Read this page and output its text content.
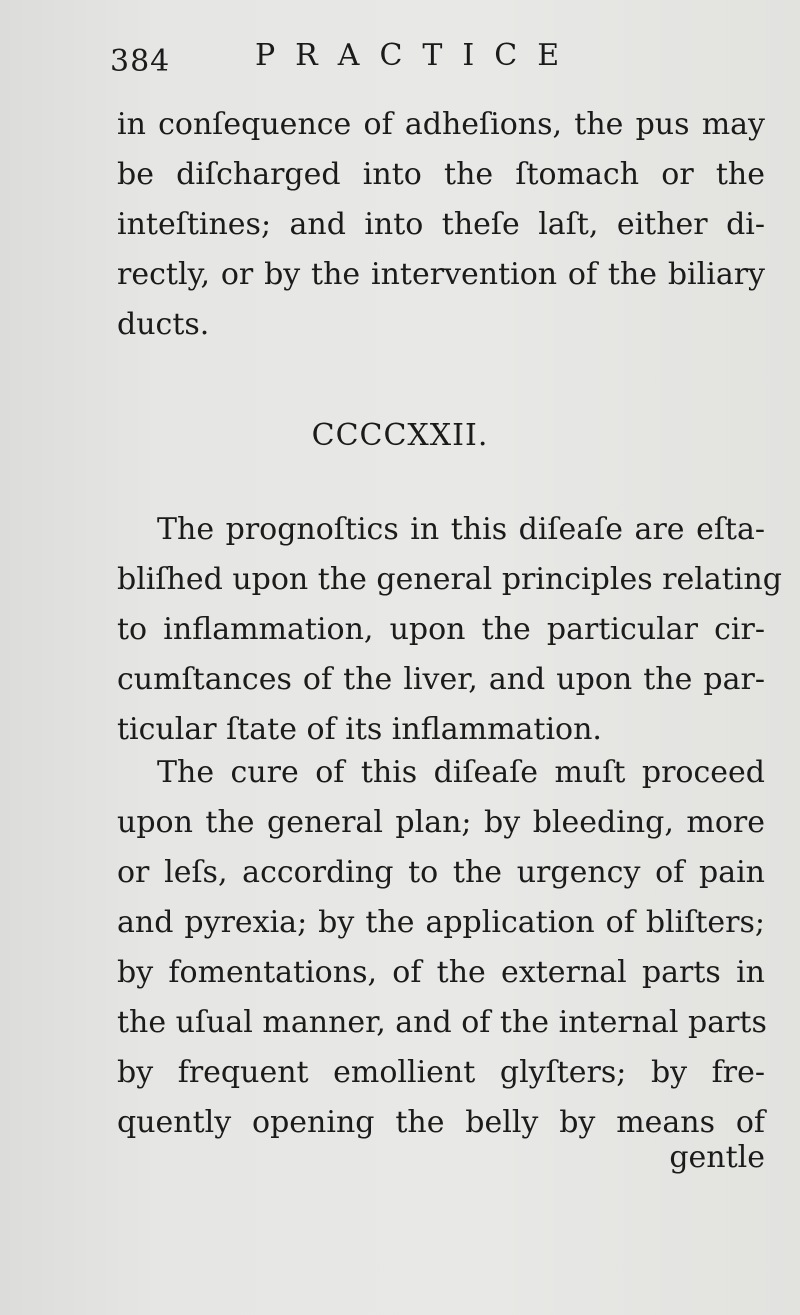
384	PRACTICE
in conſequence of adheſions, the pus may
be diſcharged into the ſtomach or the
inteſtines; and into theſe laſt, either di-
rectly, or by the intervention of the biliary
ducts.
CCCCXXII.
The prognoſtics in this diſeaſe are eſta-
bliſhed upon the general principles relating
to inflammation, upon the particular cir-
cumſtances of the liver, and upon the par-
ticular ſtate of its inflammation.
The cure of this diſeaſe muſt proceed
upon the general plan; by bleeding, more
or leſs, according to the urgency of pain
and pyrexia; by the application of bliſters;
by fomentations, of the external parts in
the uſual manner, and of the internal parts
by frequent emollient glyſters; by fre-
quently opening the belly by means of
gentle
